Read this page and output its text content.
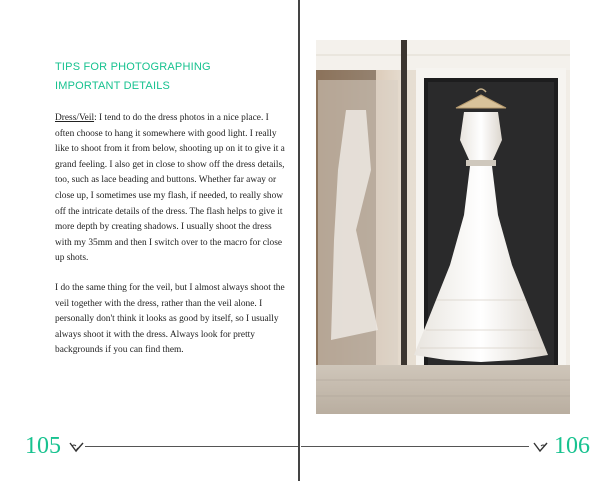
TIPS FOR PHOTOGRAPHING IMPORTANT DETAILS

Dress/Veil: I tend to do the dress photos in a nice place. I often choose to hang it somewhere with good light. I really like to shoot from it from below, shooting up on it to give it a grand feeling. I also get in close to show off the dress details, too, such as lace beading and buttons. Whether far away or close up, I sometimes use my flash, if needed, to really show off the intricate details of the dress. The flash helps to give it more depth by creating shadows. I usually shoot the dress with my 35mm and then I switch over to the macro for close up shots.

I do the same thing for the veil, but I almost always shoot the veil together with the dress, rather than the veil alone. I personally don't think it looks as good by itself, so I usually always shoot it with the dress. Always look for pretty backgrounds if you can find them.

105	106
